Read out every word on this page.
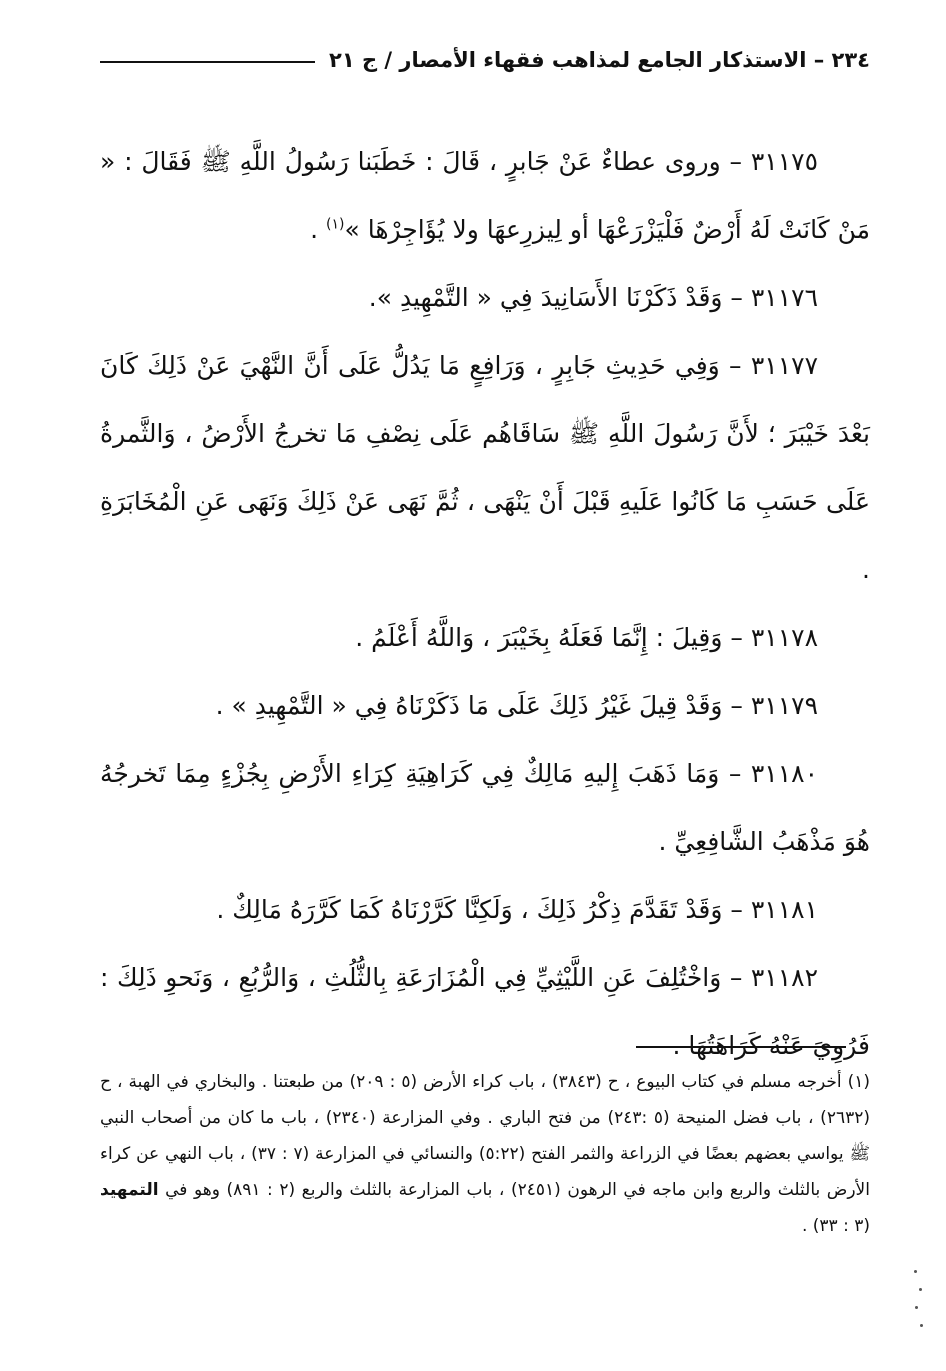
٢٣٤ – الاستذكار الجامع لمذاهب فقهاء الأمصار / ج ٢١

٣١١٧٥ – وروى عطاءٌ عَنْ جَابرٍ ، قَالَ : خَطَبَنا رَسُولُ اللَّهِ ﷺ فَقَالَ : « مَنْ كَانَتْ لَهُ أَرْضٌ فَلْيَزْرَعْهَا أو لِيزرِعهَا ولا يُؤَاجِرْهَا »$^{(١)}$ .

٣١١٧٦ – وَقَدْ ذَكَرْنَا الأَسَانِيدَ فِي « التَّمْهِيدِ ».

٣١١٧٧ – وَفِي حَدِيثِ جَابِرٍ ، وَرَافِعٍ مَا يَدُلُّ عَلَى أَنَّ النَّهْيَ عَنْ ذَلِكَ كَانَ بَعْدَ خَيْبَرَ ؛ لأَنَّ رَسُولَ اللَّهِ ﷺ سَاقَاهُم عَلَى نِصْفِ مَا تخرجُ الأَرْضُ ، وَالثَّمرةُ عَلَى حَسَبِ مَا كَانُوا عَلَيهِ قَبْلَ أَنْ يَنْهَى ، ثُمَّ نَهَى عَنْ ذَلِكَ وَنَهَى عَنِ الْمُخَابَرَةِ .

٣١١٧٨ – وَقِيلَ : إِنَّمَا فَعَلَهُ بِخَيْبَرَ ، وَاللَّهُ أَعْلَمُ .

٣١١٧٩ – وَقَدْ قِيلَ غَيْرُ ذَلِكَ عَلَى مَا ذَكَرْنَاهُ فِي « التَّمْهِيدِ » .

٣١١٨٠ – وَمَا ذَهَبَ إِليهِ مَالِكٌ فِي كَرَاهِيَةِ كِرَاءِ الأَرْضِ بِجُزْءٍ مِمَا تَخرجُهُ هُوَ مَذْهَبُ الشَّافِعِيِّ .

٣١١٨١ – وَقَدْ تَقَدَّمَ ذِكْرُ ذَلِكَ ، وَلَكِنَّا كَرَّرْنَاهُ كَمَا كَرَّرَهُ مَالِكٌ .

٣١١٨٢ – وَاخْتُلِفَ عَنِ اللَّيْثِيِّ فِي الْمُزَارَعَةِ بِالثُّلُثِ ، وَالرُّبُعِ ، وَنَحوِ ذَلِكَ : فَرُوِيَ عَنْهُ كَرَاهَتُهَا .

(١) أخرجه مسلم في كتاب البيوع ، ح (٣٨٤٣) ، باب كراء الأرض (٥ : ٢٠٩) من طبعتنا . والبخاري في الهبة ، ح (٢٦٣٢) ، باب فضل المنيحة (٥ :٢٤٣) من فتح الباري . وفي المزارعة (٢٣٤٠) ، باب ما كان من أصحاب النبي ﷺ يواسي بعضهم بعضًا في الزراعة والثمر الفتح (٥:٢٢) والنسائي في المزارعة (٧ : ٣٧) ، باب النهي عن كراء الأرض بالثلث والربع وابن ماجه في الرهون (٢٤٥١) ، باب المزارعة بالثلث والربع (٢ : ٨٩١) وهو في التمهيد (٣ : ٣٣) .
